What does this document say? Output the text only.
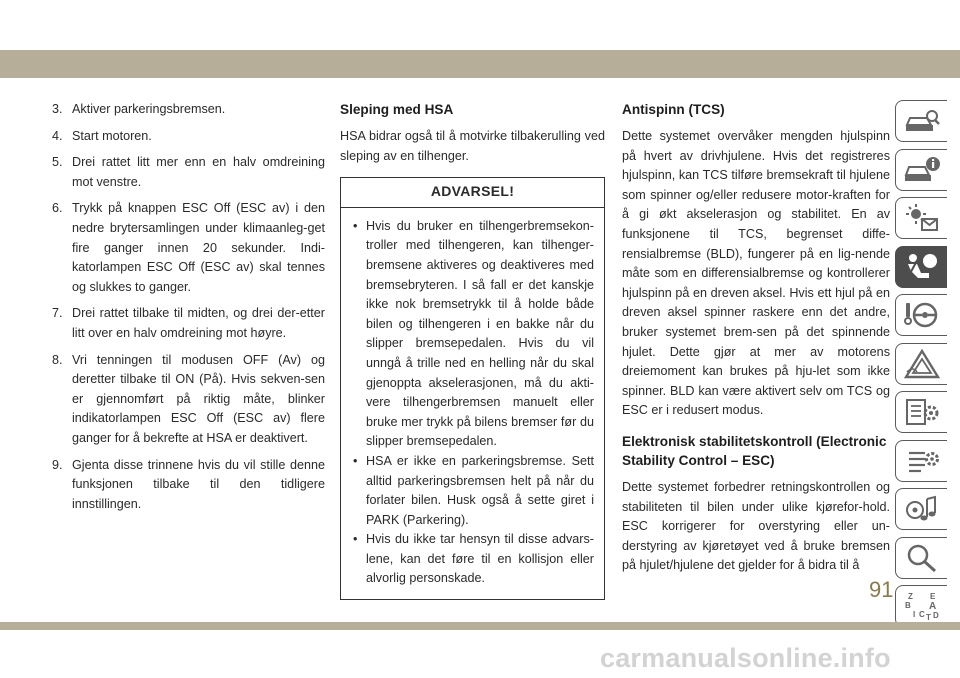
3. Aktiver parkeringsbremsen.
4. Start motoren.
5. Drei rattet litt mer enn en halv omdreining mot venstre.
6. Trykk på knappen ESC Off (ESC av) i den nedre brytersamlingen under klimaanleg-get fire ganger innen 20 sekunder. Indi-katorlampen ESC Off (ESC av) skal tennes og slukkes to ganger.
7. Drei rattet tilbake til midten, og drei der-etter litt over en halv omdreining mot høyre.
8. Vri tenningen til modusen OFF (Av) og deretter tilbake til ON (På). Hvis sekven-sen er gjennomført på riktig måte, blinker indikatorlampen ESC Off (ESC av) flere ganger for å bekrefte at HSA er deaktivert.
9. Gjenta disse trinnene hvis du vil stille denne funksjonen tilbake til den tidligere innstillingen.
Sleping med HSA

HSA bidrar også til å motvirke tilbakerulling ved sleping av en tilhenger.

ADVARSEL!
• Hvis du bruker en tilhengerbremsekon-troller med tilhengeren, kan tilhenger-bremsene aktiveres og deaktiveres med bremsebryteren. I så fall er det kanskje ikke nok bremsetrykk til å holde både bilen og tilhengeren i en bakke når du slipper bremsepedalen. Hvis du vil unngå å trille ned en helling når du skal gjenoppta akselerasjonen, må du akti-vere tilhengerbremsen manuelt eller bruke mer trykk på bilens bremser før du slipper bremsepedalen.
• HSA er ikke en parkeringsbremse. Sett alltid parkeringsbremsen helt på når du forlater bilen. Husk også å sette giret i PARK (Parkering).
• Hvis du ikke tar hensyn til disse advars-lene, kan det føre til en kollisjon eller alvorlig personskade.
Antispinn (TCS)

Dette systemet overvåker mengden hjulspinn på hvert av drivhjulene. Hvis det registreres hjulspinn, kan TCS tilføre bremsekraft til hjulene som spinner og/eller redusere motor-kraften for å gi økt akselerasjon og stabilitet. En av funksjonene til TCS, begrenset diffe-rensialbremse (BLD), fungerer på en lig-nende måte som en differensialbremse og kontrollerer hjulspinn på en dreven aksel. Hvis ett hjul på en dreven aksel spinner raskere enn det andre, bruker systemet brem-sen på det spinnende hjulet. Dette gjør at mer av motorens dreiemoment kan brukes på hju-let som ikke spinner. BLD kan være aktivert selv om TCS og ESC er i redusert modus.

Elektronisk stabilitetskontroll (Electronic Stability Control – ESC)

Dette systemet forbedrer retningskontrollen og stabiliteten til bilen under ulike kjørefor-hold. ESC korrigerer for overstyring eller un-derstyring av kjøretøyet ved å bruke bremsen på hjulet/hjulene det gjelder for å bidra til å

Z E
B A
I C D
T
91
carmanualsonline.info
